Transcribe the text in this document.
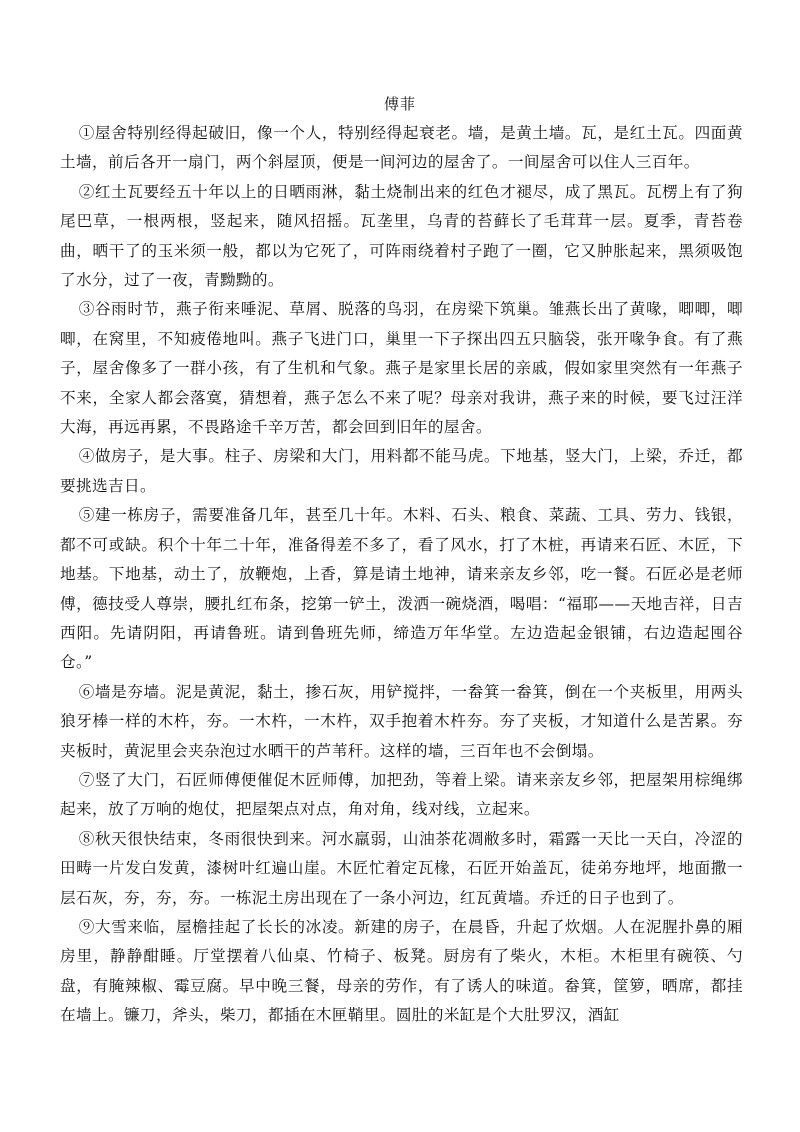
傅菲

①屋舍特别经得起破旧，像一个人，特别经得起衰老。墙，是黄土墙。瓦，是红土瓦。四面黄土墙，前后各开一扇门，两个斜屋顶，便是一间河边的屋舍了。一间屋舍可以住人三百年。

②红土瓦要经五十年以上的日晒雨淋，黏土烧制出来的红色才褪尽，成了黑瓦。瓦楞上有了狗尾巴草，一根两根，竖起来，随风招摇。瓦垄里，乌青的苔藓长了毛茸茸一层。夏季，青苔卷曲，晒干了的玉米须一般，都以为它死了，可阵雨绕着村子跑了一圈，它又肿胀起来，黑须吸饱了水分，过了一夜，青黝黝的。

③谷雨时节，燕子衔来唾泥、草屑、脱落的鸟羽，在房梁下筑巢。雏燕长出了黄喙，唧唧，唧唧，在窝里，不知疲倦地叫。燕子飞进门口，巢里一下子探出四五只脑袋，张开喙争食。有了燕子，屋舍像多了一群小孩，有了生机和气象。燕子是家里长居的亲戚，假如家里突然有一年燕子不来，全家人都会落寞，猜想着，燕子怎么不来了呢？母亲对我讲，燕子来的时候，要飞过汪洋大海，再远再累，不畏路途千辛万苦，都会回到旧年的屋舍。

④做房子，是大事。柱子、房梁和大门，用料都不能马虎。下地基，竖大门，上梁，乔迁，都要挑选吉日。

⑤建一栋房子，需要准备几年，甚至几十年。木料、石头、粮食、菜蔬、工具、劳力、钱银，都不可或缺。积个十年二十年，准备得差不多了，看了风水，打了木桩，再请来石匠、木匠，下地基。下地基，动土了，放鞭炮，上香，算是请土地神，请来亲友乡邻，吃一餐。石匠必是老师傅，德技受人尊崇，腰扎红布条，挖第一铲土，泼洒一碗烧酒，喝唱：“福耶——天地吉祥，日吉西阳。先请阴阳，再请鲁班。请到鲁班先师，缔造万年华堂。左边造起金银铺，右边造起囤谷仓。”

⑥墙是夯墙。泥是黄泥，黏土，掺石灰，用铲搅拌，一畚箕一畚箕，倒在一个夹板里，用两头狼牙棒一样的木杵，夯。一木杵，一木杵，双手抱着木杵夯。夯了夹板，才知道什么是苦累。夯夹板时，黄泥里会夹杂泡过水晒干的芦苇秆。这样的墙，三百年也不会倒塌。

⑦竖了大门，石匠师傅便催促木匠师傅，加把劲，等着上梁。请来亲友乡邻，把屋架用棕绳绑起来，放了万响的炮仗，把屋架点对点，角对角，线对线，立起来。

⑧秋天很快结束，冬雨很快到来。河水羸弱，山油茶花凋敝多时，霜露一天比一天白，冷涩的田畴一片发白发黄，漆树叶红遍山崖。木匠忙着定瓦椽，石匠开始盖瓦，徒弟夯地坪，地面撒一层石灰，夯，夯，夯。一栋泥土房出现在了一条小河边，红瓦黄墙。乔迁的日子也到了。

⑨大雪来临，屋檐挂起了长长的冰凌。新建的房子，在晨昏，升起了炊烟。人在泥腥扑鼻的厢房里，静静酣睡。厅堂摆着八仙桌、竹椅子、板凳。厨房有了柴火，木柜。木柜里有碗筷、勺盘，有腌辣椒、霉豆腐。早中晚三餐，母亲的劳作，有了诱人的味道。畚箕，筐箩，晒席，都挂在墙上。镰刀，斧头，柴刀，都插在木匣鞘里。圆肚的米缸是个大肚罗汉，酒缸
